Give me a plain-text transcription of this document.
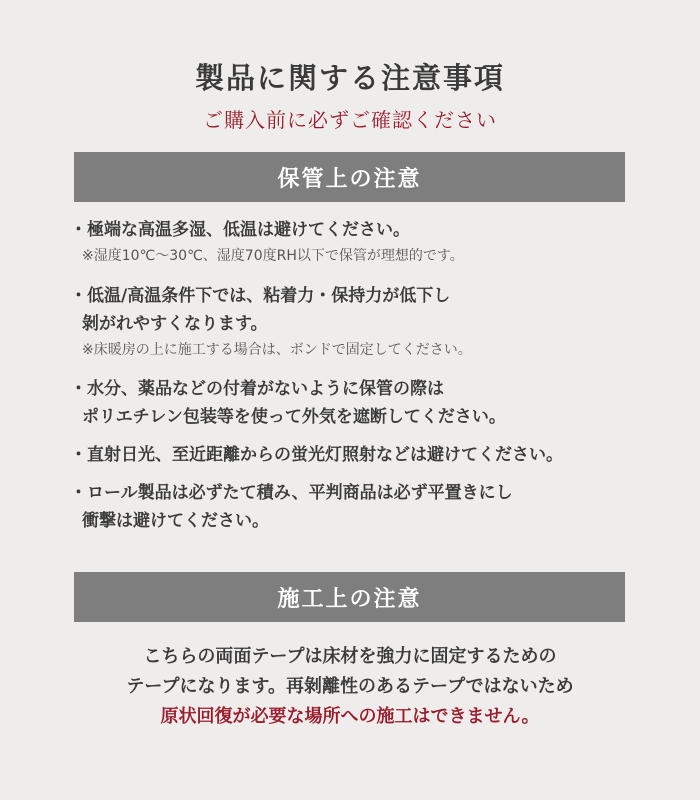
製品に関する注意事項
ご購入前に必ずご確認ください
保管上の注意
・極端な高温多湿、低温は避けてください。
※湿度10℃〜30℃、湿度70度RH以下で保管が理想的です。
・低温/高温条件下では、粘着力・保持力が低下し
剝がれやすくなります。
※床暖房の上に施工する場合は、ボンドで固定してください。
・水分、薬品などの付着がないように保管の際は
ポリエチレン包装等を使って外気を遮断してください。
・直射日光、至近距離からの蛍光灯照射などは避けてください。
・ロール製品は必ずたて積み、平判商品は必ず平置きにし
衝撃は避けてください。
施工上の注意
こちらの両面テープは床材を強力に固定するための
テープになります。再剝離性のあるテープではないため
原状回復が必要な場所への施工はできません。
